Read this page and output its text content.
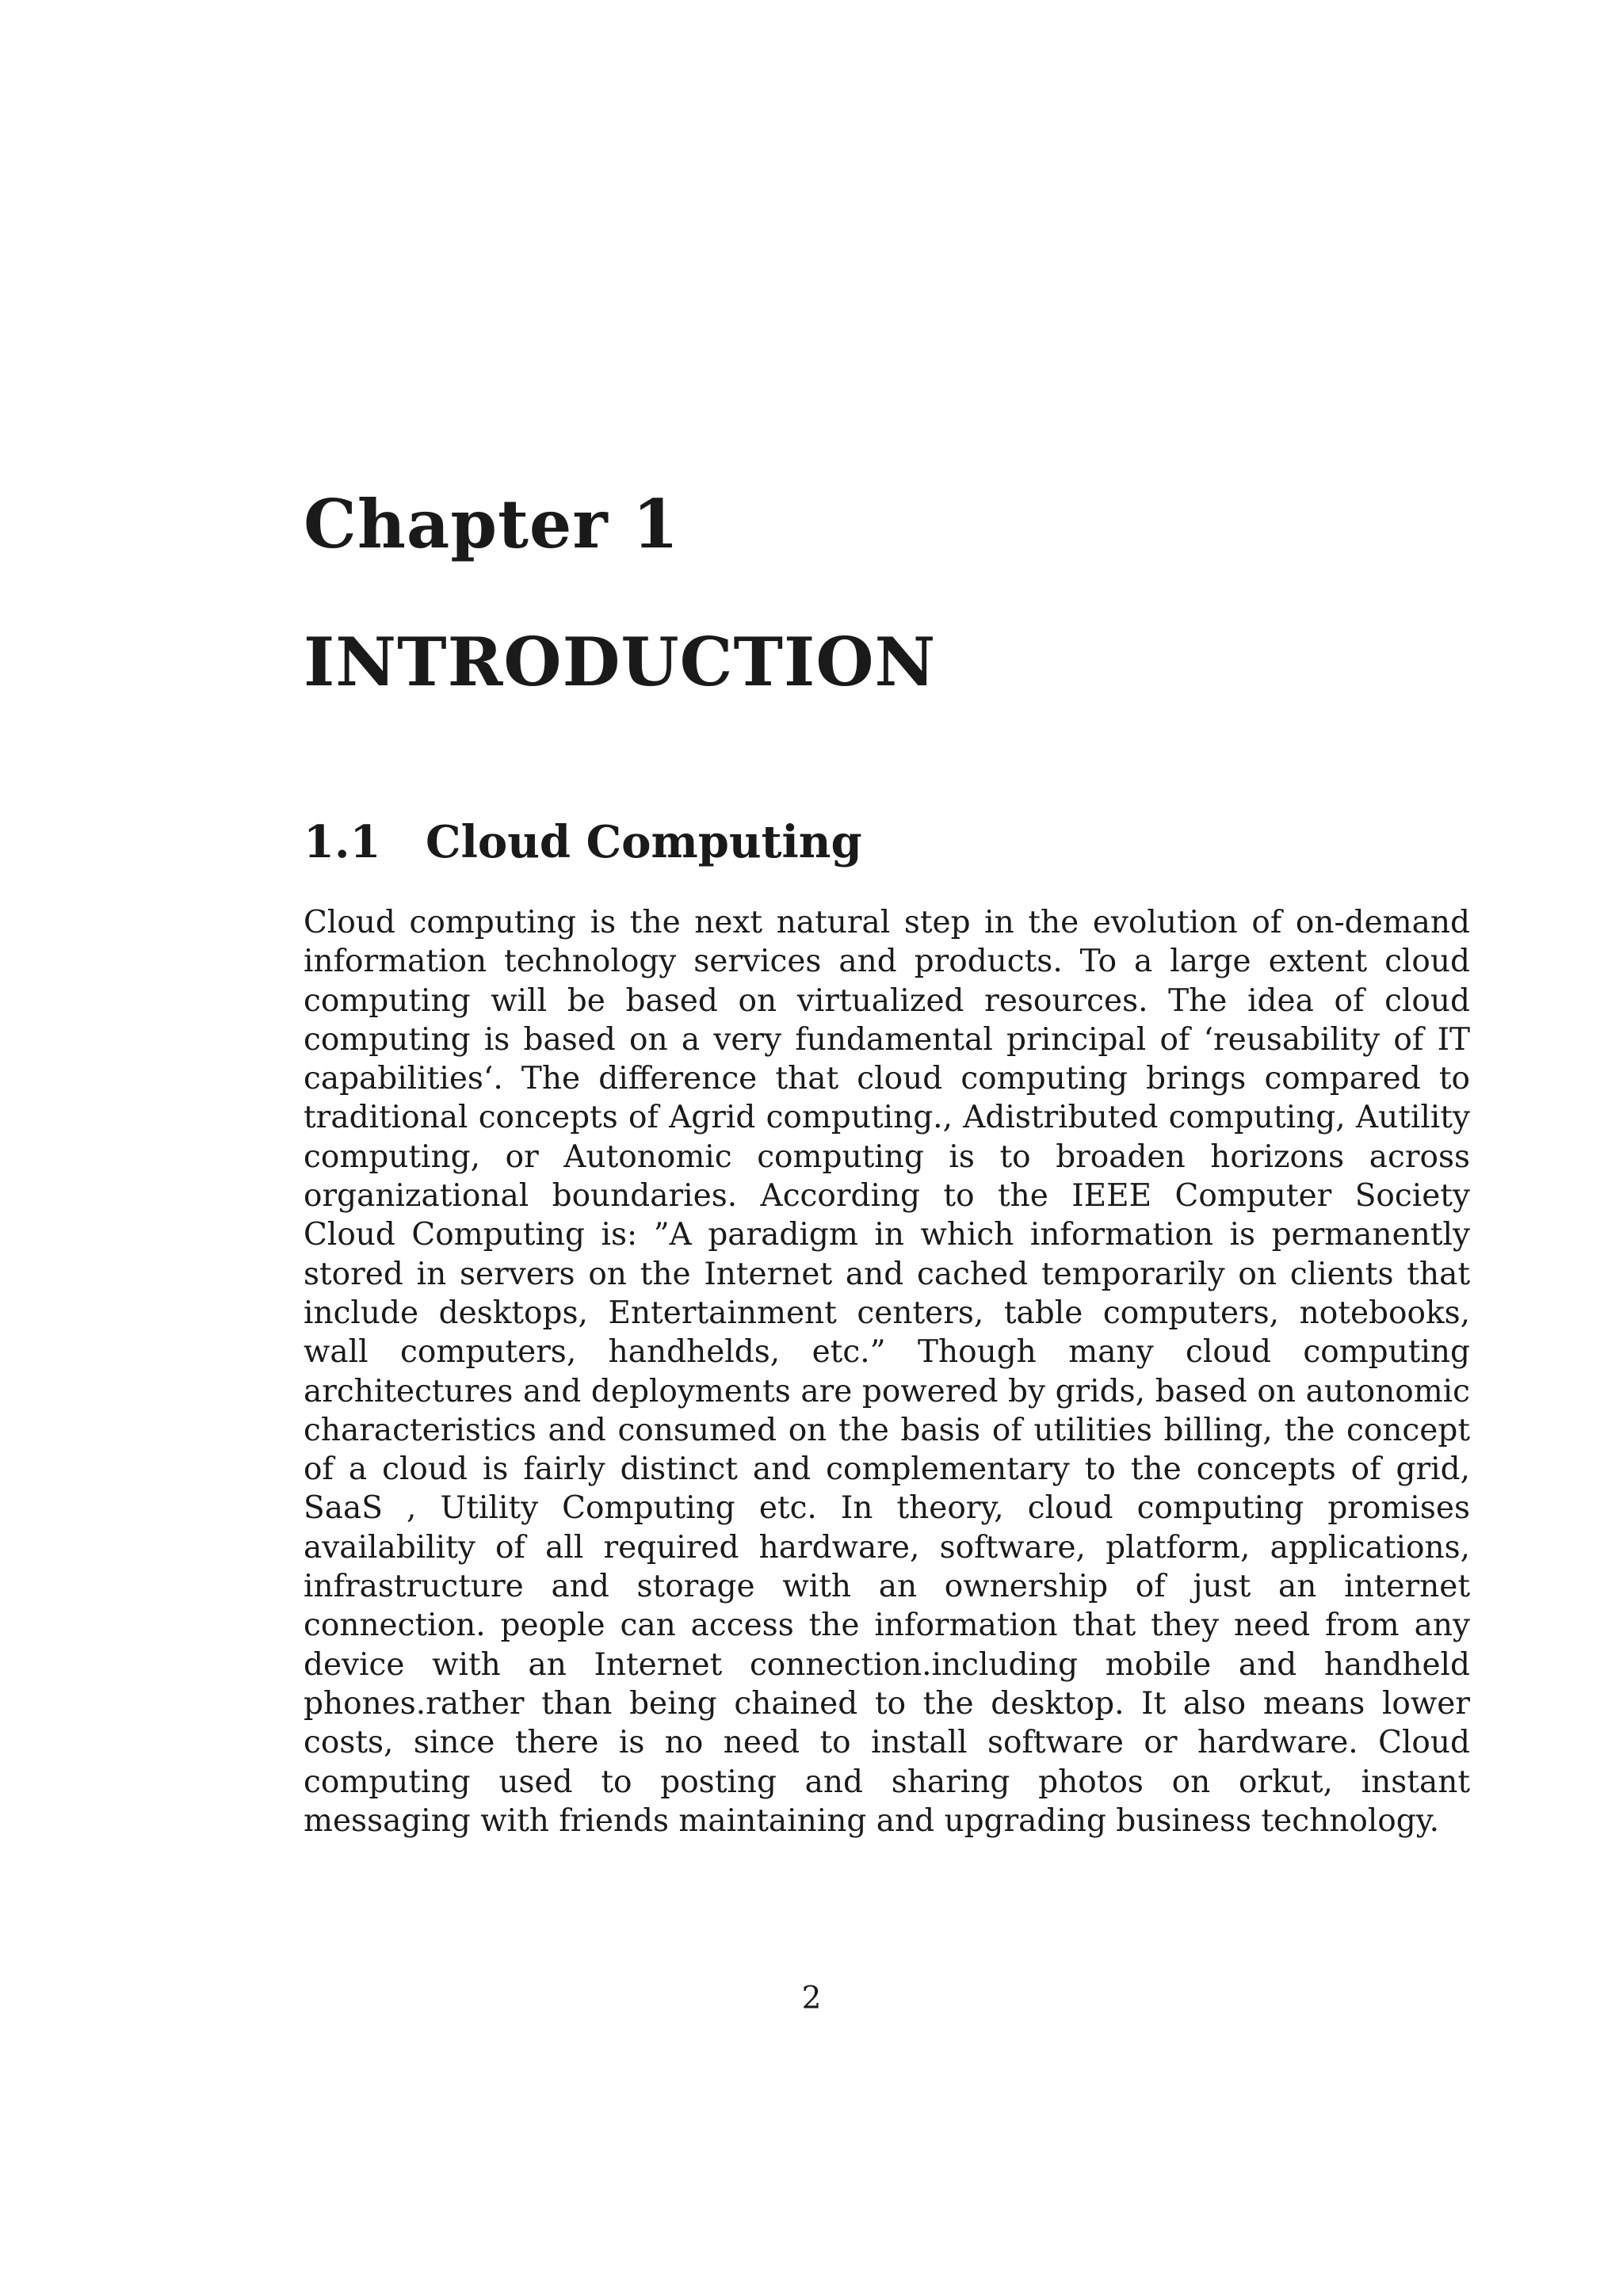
Chapter 1
INTRODUCTION
1.1 Cloud Computing

Cloud computing is the next natural step in the evolution of on-demand information technology services and products. To a large extent cloud computing will be based on virtualized resources. The idea of cloud computing is based on a very fundamental principal of ‘reusability of IT capabilities‘. The difference that cloud computing brings compared to traditional concepts of Agrid computing., Adistributed computing, Autility computing, or Autonomic computing is to broaden horizons across organizational boundaries. According to the IEEE Computer Society Cloud Computing is: ”A paradigm in which information is permanently stored in servers on the Internet and cached temporarily on clients that include desktops, Entertainment centers, table computers, notebooks, wall computers, handhelds, etc.” Though many cloud computing architectures and deployments are powered by grids, based on autonomic characteristics and consumed on the basis of utilities billing, the concept of a cloud is fairly distinct and complementary to the concepts of grid, SaaS , Utility Computing etc. In theory, cloud computing promises availability of all required hardware, software, platform, applications, infrastructure and storage with an ownership of just an internet connection. people can access the information that they need from any device with an Internet connection.including mobile and handheld phones.rather than being chained to the desktop. It also means lower costs, since there is no need to install software or hardware. Cloud computing used to posting and sharing photos on orkut, instant messaging with friends maintaining and upgrading business technology.

2
